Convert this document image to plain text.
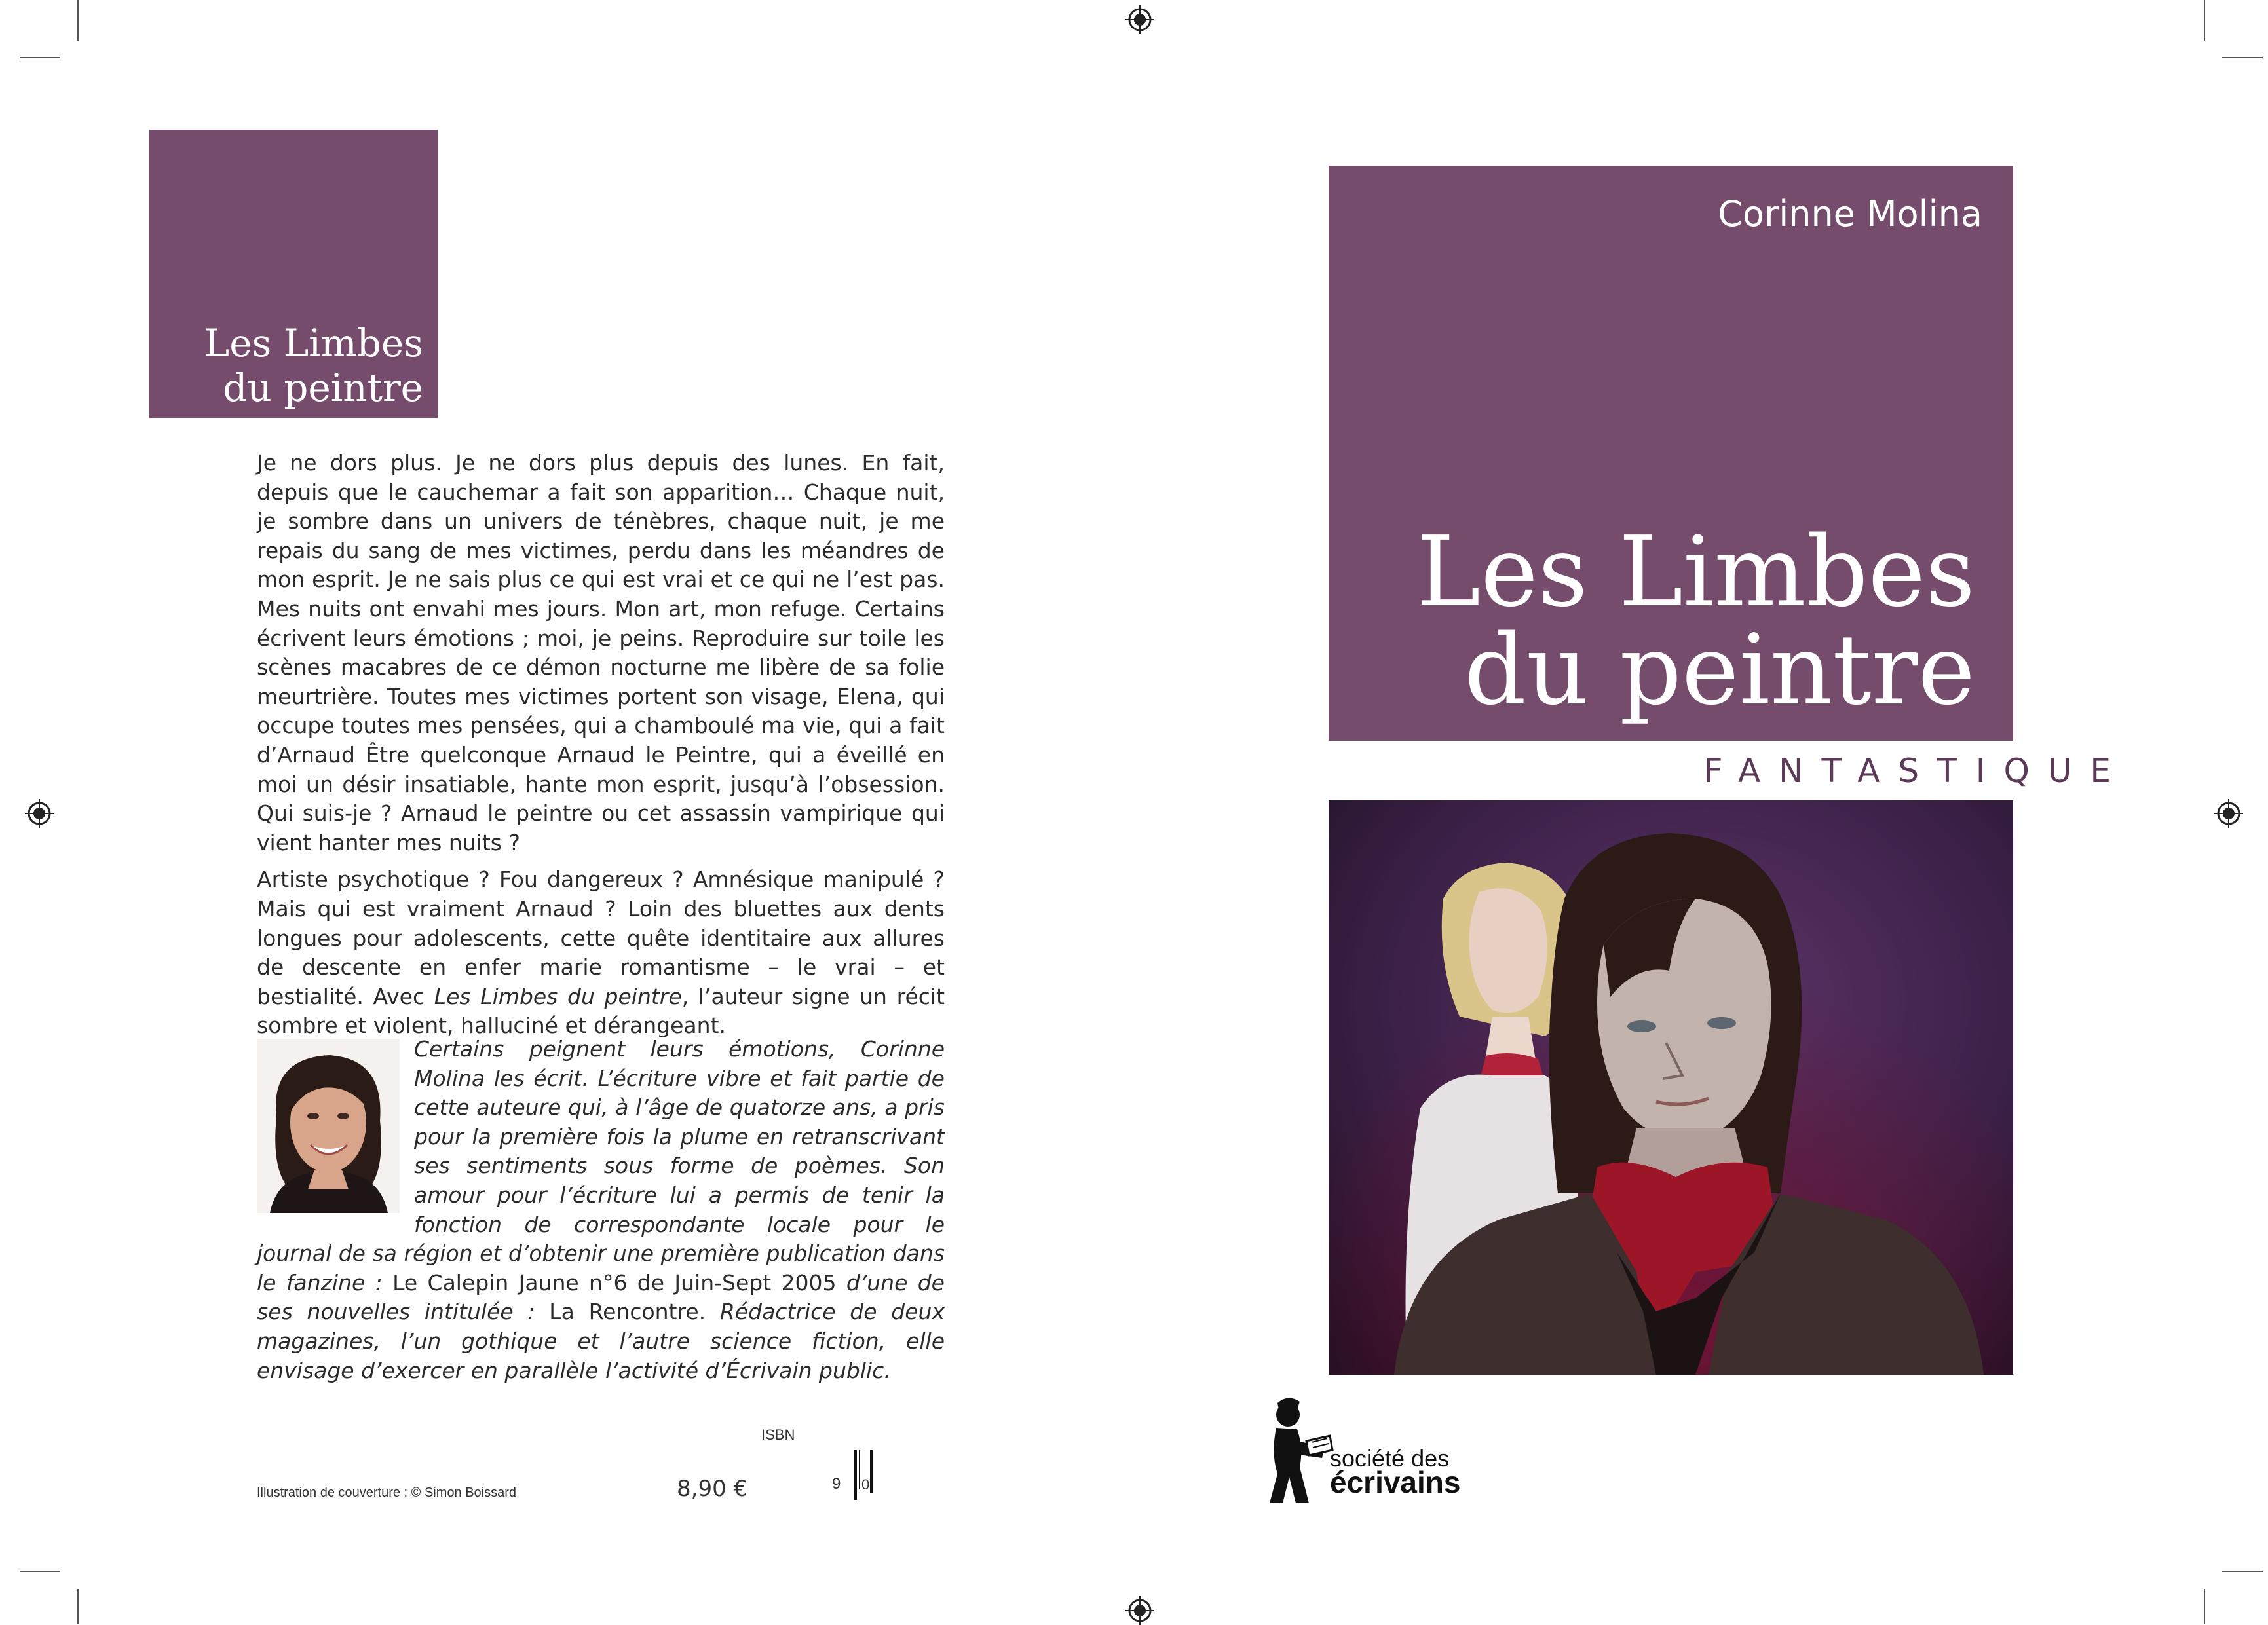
Les Limbes
du peintre

Je ne dors plus. Je ne dors plus depuis des lunes. En fait, depuis que le cauchemar a fait son apparition… Chaque nuit, je sombre dans un univers de ténèbres, chaque nuit, je me repais du sang de mes victimes, perdu dans les méandres de mon esprit. Je ne sais plus ce qui est vrai et ce qui ne l’est pas. Mes nuits ont envahi mes jours. Mon art, mon refuge. Certains écrivent leurs émotions ; moi, je peins. Reproduire sur toile les scènes macabres de ce démon nocturne me libère de sa folie meurtrière. Toutes mes victimes portent son visage, Elena, qui occupe toutes mes pensées, qui a chamboulé ma vie, qui a fait d’Arnaud Être quelconque Arnaud le Peintre, qui a éveillé en moi un désir insatiable, hante mon esprit, jusqu’à l’obsession. Qui suis-je ? Arnaud le peintre ou cet assassin vampirique qui vient hanter mes nuits ?

Artiste psychotique ? Fou dangereux ? Amnésique manipulé ? Mais qui est vraiment Arnaud ? Loin des bluettes aux dents longues pour adolescents, cette quête identitaire aux allures de descente en enfer marie romantisme – le vrai – et bestialité. Avec Les Limbes du peintre, l’auteur signe un récit sombre et violent, halluciné et dérangeant.

Certains peignent leurs émotions, Corinne Molina les écrit. L’écriture vibre et fait partie de cette auteure qui, à l’âge de quatorze ans, a pris pour la première fois la plume en retranscrivant ses sentiments sous forme de poèmes. Son amour pour l’écriture lui a permis de tenir la fonction de correspondante locale pour le journal de sa région et d’obtenir une première publication dans le fanzine : Le Calepin Jaune n°6 de Juin-Sept 2005 d’une de ses nouvelles intitulée : La Rencontre. Rédactrice de deux magazines, l’un gothique et l’autre science fiction, elle envisage d’exercer en parallèle l’activité d’Écrivain public.
ISBN
9 0
8,90 €
Illustration de couverture : © Simon Boissard
Corinne Molina
Les Limbes
du peintre
FANTASTIQUE
société des
écrivains
